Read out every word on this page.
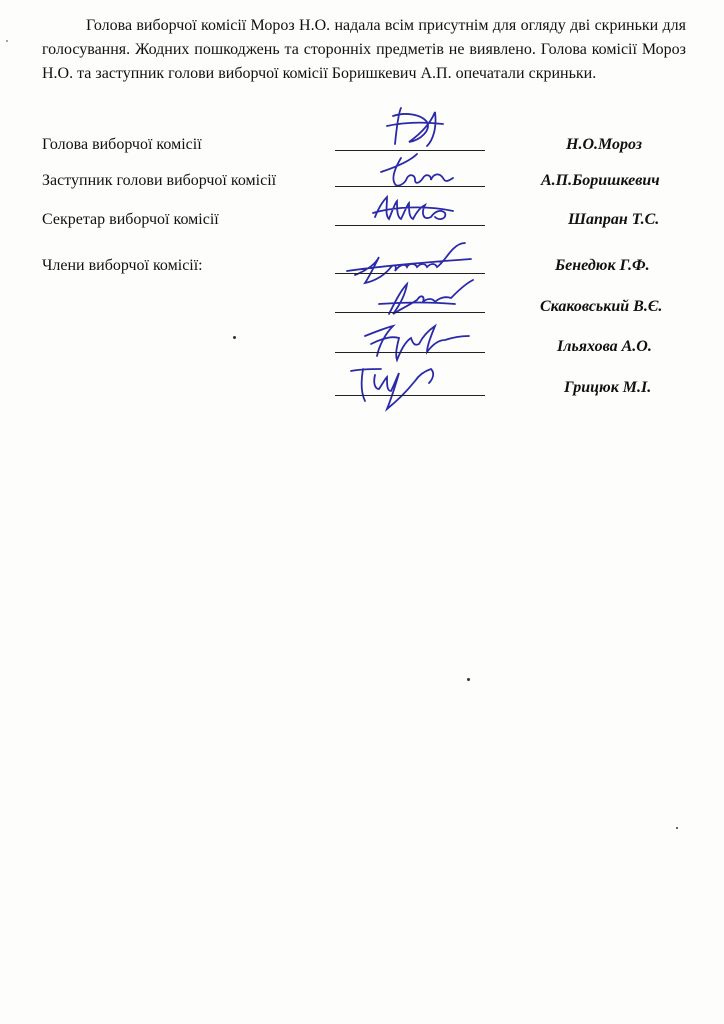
Голова виборчої комісії Мороз Н.О. надала всім присутнім для огляду дві скриньки для голосування. Жодних пошкоджень та сторонніх предметів не виявлено. Голова комісії Мороз Н.О. та заступник голови виборчої комісії Боришкевич А.П. опечатали скриньки.

Голова виборчої комісії	Н.О.Мороз
Заступник голови виборчої комісії	А.П.Боришкевич
Секретар виборчої комісії	Шапран Т.С.
Члени виборчої комісії:	Бенедюк Г.Ф.
Скаковський В.Є.
Ільяхова А.О.
Грицюк М.І.
